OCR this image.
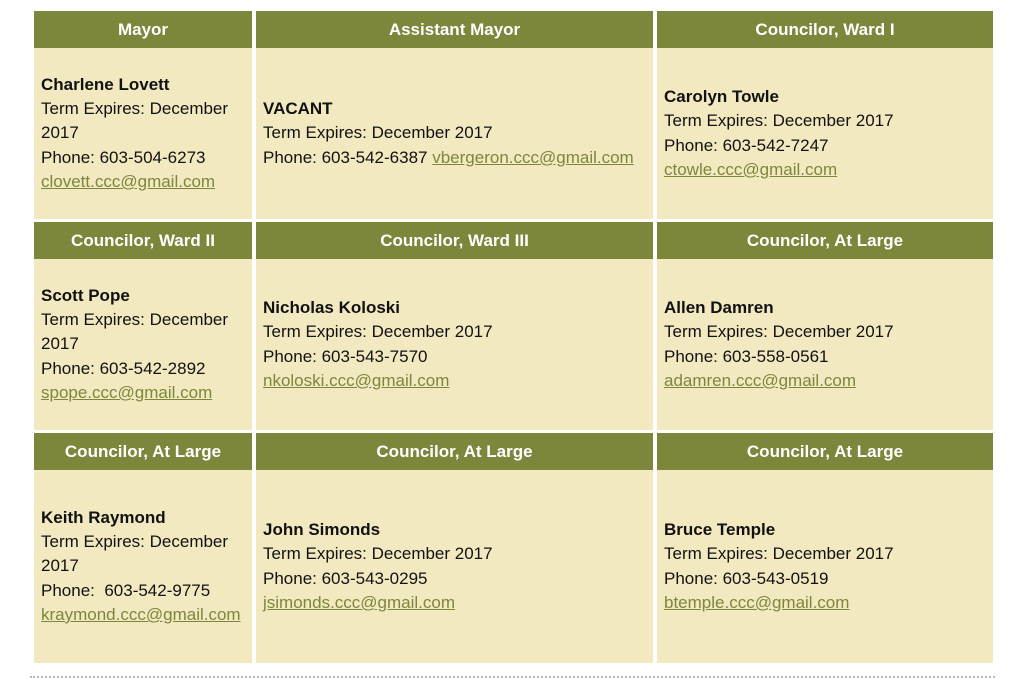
Mayor
Charlene Lovett
Term Expires: December 2017
Phone: 603-504-6273
clovett.ccc@gmail.com
Assistant Mayor
VACANT
Term Expires: December 2017
Phone: 603-542-6387 vbergeron.ccc@gmail.com
Councilor, Ward I
Carolyn Towle
Term Expires: December 2017
Phone: 603-542-7247
ctowle.ccc@gmail.com
Councilor, Ward II
Scott Pope
Term Expires: December 2017
Phone: 603-542-2892
spope.ccc@gmail.com
Councilor, Ward III
Nicholas Koloski
Term Expires: December 2017
Phone: 603-543-7570
nkoloski.ccc@gmail.com
Councilor, At Large
Allen Damren
Term Expires: December 2017
Phone: 603-558-0561
adamren.ccc@gmail.com
Councilor, At Large
Keith Raymond
Term Expires: December 2017
Phone:  603-542-9775
kraymond.ccc@gmail.com
Councilor, At Large
John Simonds
Term Expires: December 2017
Phone: 603-543-0295
jsimonds.ccc@gmail.com
Councilor, At Large
Bruce Temple
Term Expires: December 2017
Phone: 603-543-0519
btemple.ccc@gmail.com
